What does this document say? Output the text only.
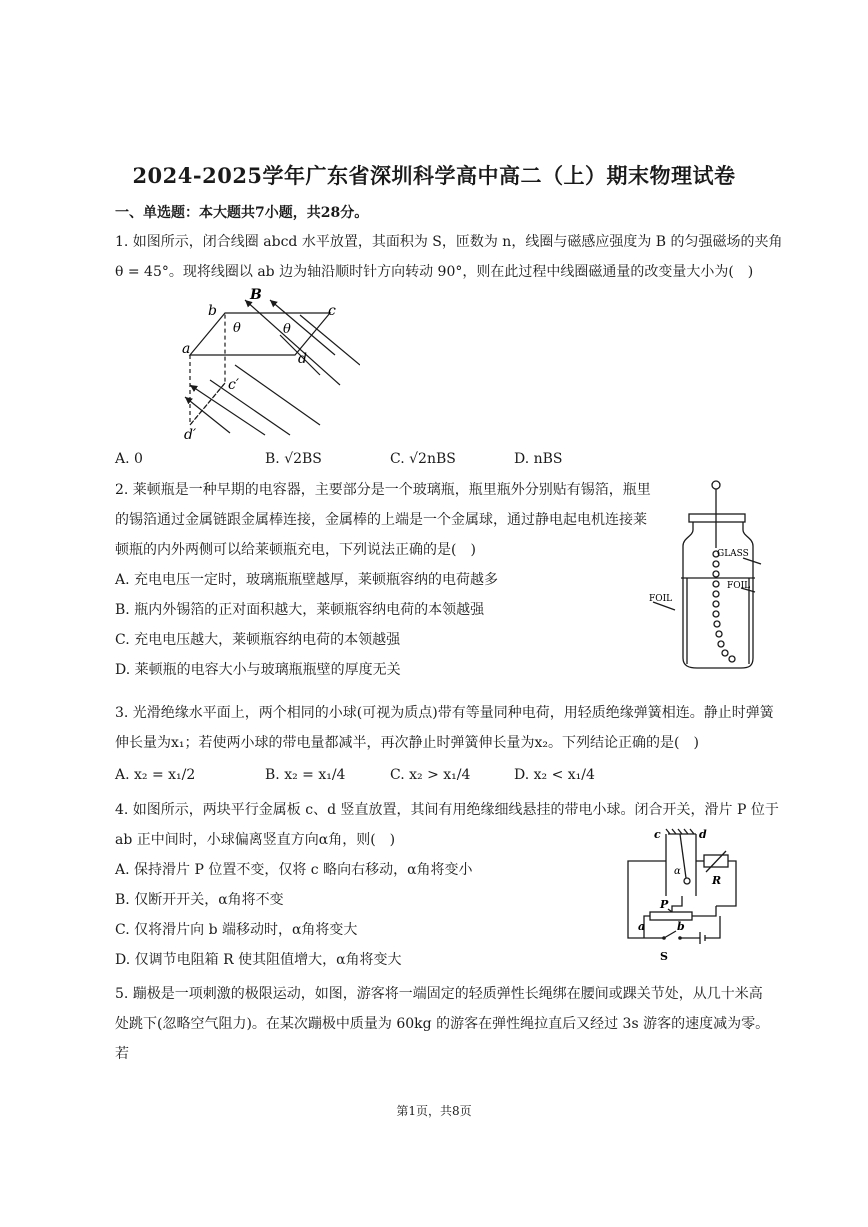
2024-2025学年广东省深圳科学高中高二（上）期末物理试卷
一、单选题：本大题共7小题，共28分。
1. 如图所示，闭合线圈 abcd 水平放置，其面积为 S，匝数为 n，线圈与磁感应强度为 B 的匀强磁场的夹角
θ = 45°。现将线圈以 ab 边为轴沿顺时针方向转动 90°，则在此过程中线圈磁通量的改变量大小为(　)
B
b	c
a
d
θ	θ
c′
d′
A. 0	B. √2BS	C. √2nBS	D. nBS
2. 莱顿瓶是一种早期的电容器，主要部分是一个玻璃瓶，瓶里瓶外分别贴有锡箔，瓶里
的锡箔通过金属链跟金属棒连接，金属棒的上端是一个金属球，通过静电起电机连接莱
顿瓶的内外两侧可以给莱顿瓶充电，下列说法正确的是(　)
A. 充电电压一定时，玻璃瓶瓶壁越厚，莱顿瓶容纳的电荷越多
B. 瓶内外锡箔的正对面积越大，莱顿瓶容纳电荷的本领越强
C. 充电电压越大，莱顿瓶容纳电荷的本领越强
D. 莱顿瓶的电容大小与玻璃瓶瓶壁的厚度无关
GLASS
FOIL
FOIL
3. 光滑绝缘水平面上，两个相同的小球(可视为质点)带有等量同种电荷，用轻质绝缘弹簧相连。静止时弹簧
伸长量为x₁；若使两小球的带电量都减半，再次静止时弹簧伸长量为x₂。下列结论正确的是(　)
A. x₂ = x₁/2	B. x₂ = x₁/4	C. x₂ > x₁/4	D. x₂ < x₁/4
4. 如图所示，两块平行金属板 c、d 竖直放置，其间有用绝缘细线悬挂的带电小球。闭合开关，滑片 P 位于
ab 正中间时，小球偏离竖直方向α角，则(　)
A. 保持滑片 P 位置不变，仅将 c 略向右移动，α角将变小
B. 仅断开开关，α角将不变
C. 仅将滑片向 b 端移动时，α角将变大
D. 仅调节电阻箱 R 使其阻值增大，α角将变大
c	d
α
R
P
a	b
S
5. 蹦极是一项刺激的极限运动，如图，游客将一端固定的轻质弹性长绳绑在腰间或踝关节处，从几十米高
处跳下(忽略空气阻力)。在某次蹦极中质量为 60kg 的游客在弹性绳拉直后又经过 3s 游客的速度减为零。
若
第1页，共8页
